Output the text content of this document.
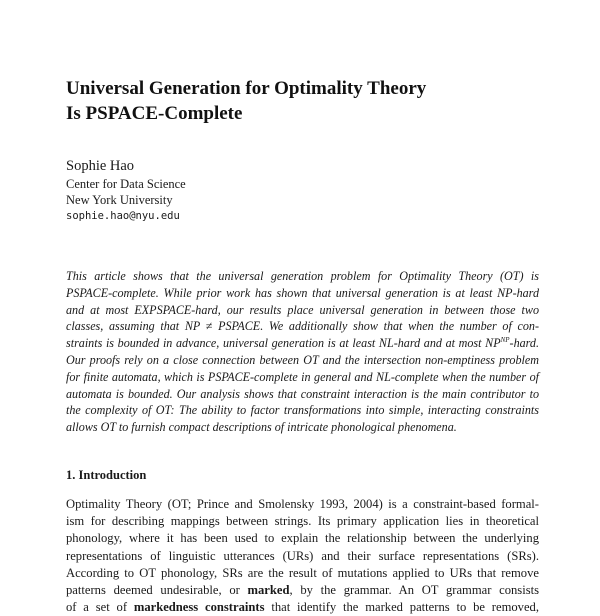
Universal Generation for Optimality Theory
Is PSPACE-Complete

Sophie Hao

Center for Data Science

New York University

sophie.hao@nyu.edu

This article shows that the universal generation problem for Optimality Theory (OT) is
PSPACE-complete. While prior work has shown that universal generation is at least NP-hard
and at most EXPSPACE-hard, our results place universal generation in between those two
classes, assuming that NP ≠ PSPACE. We additionally show that when the number of con-
straints is bounded in advance, universal generation is at least NL-hard and at most $NP^{NP}$-hard.
Our proofs rely on a close connection between OT and the intersection non-emptiness problem
for finite automata, which is PSPACE-complete in general and NL-complete when the number of
automata is bounded. Our analysis shows that constraint interaction is the main contributor to
the complexity of OT: The ability to factor transformations into simple, interacting constraints
allows OT to furnish compact descriptions of intricate phonological phenomena.
1. Introduction
Optimality Theory (OT; Prince and Smolensky 1993, 2004) is a constraint-based formal-
ism for describing mappings between strings. Its primary application lies in theoretical
phonology, where it has been used to explain the relationship between the underlying
representations of linguistic utterances (URs) and their surface representations (SRs).
According to OT phonology, SRs are the result of mutations applied to URs that remove
patterns deemed undesirable, or marked, by the grammar. An OT grammar consists
of a set of markedness constraints that identify the marked patterns to be removed,
